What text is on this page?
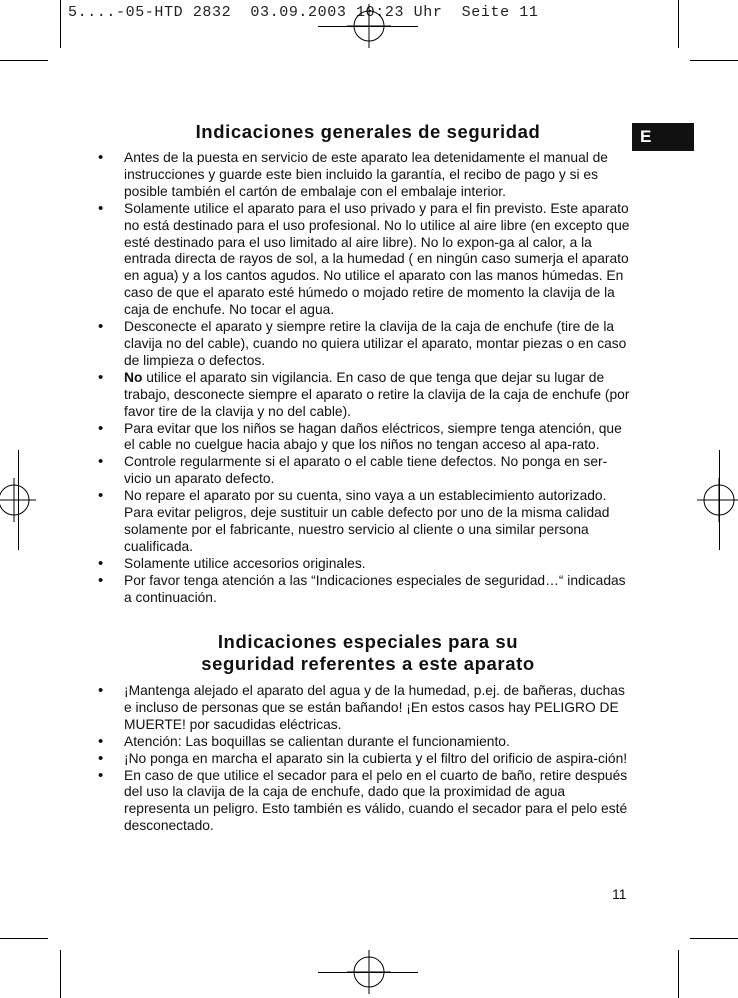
5....-05-HTD 2832  03.09.2003 10:23 Uhr  Seite 11
E
Indicaciones generales de seguridad
• Antes de la puesta en servicio de este aparato lea detenidamente el manual de instrucciones y guarde este bien incluido la garantía, el recibo de pago y si es posible también el cartón de embalaje con el embalaje interior.
• Solamente utilice el aparato para el uso privado y para el fin previsto. Este aparato no está destinado para el uso profesional. No lo utilice al aire libre (en excepto que esté destinado para el uso limitado al aire libre). No lo expon-ga al calor, a la entrada directa de rayos de sol, a la humedad ( en ningún caso sumerja el aparato en agua) y a los cantos agudos. No utilice el aparato con las manos húmedas. En caso de que el aparato esté húmedo o mojado retire de momento la clavija de la caja de enchufe. No tocar el agua.
• Desconecte el aparato y siempre retire la clavija de la caja de enchufe (tire de la clavija no del cable), cuando no quiera utilizar el aparato, montar piezas o en caso de limpieza o defectos.
• No utilice el aparato sin vigilancia. En caso de que tenga que dejar su lugar de trabajo, desconecte siempre el aparato o retire la clavija de la caja de enchufe (por favor tire de la clavija y no del cable).
• Para evitar que los niños se hagan daños eléctricos, siempre tenga atención, que el cable no cuelgue hacia abajo y que los niños no tengan acceso al apa-rato.
• Controle regularmente si el aparato o el cable tiene defectos. No ponga en ser-vicio un aparato defecto.
• No repare el aparato por su cuenta, sino vaya a un establecimiento autorizado. Para evitar peligros, deje sustituir un cable defecto por uno de la misma calidad solamente por el fabricante, nuestro servicio al cliente o una similar persona cualificada.
• Solamente utilice accesorios originales.
• Por favor tenga atención a las “Indicaciones especiales de seguridad…“ indicadas a continuación.
Indicaciones especiales para su
seguridad referentes a este aparato
• ¡Mantenga alejado el aparato del agua y de la humedad, p.ej. de bañeras, duchas e incluso de personas que se están bañando! ¡En estos casos hay PELIGRO DE MUERTE! por sacudidas eléctricas.
• Atención: Las boquillas se calientan durante el funcionamiento.
• ¡No ponga en marcha el aparato sin la cubierta y el filtro del orificio de aspira-ción!
• En caso de que utilice el secador para el pelo en el cuarto de baño, retire después del uso la clavija de la caja de enchufe, dado que la proximidad de agua representa un peligro. Esto también es válido, cuando el secador para el pelo esté desconectado.
11
